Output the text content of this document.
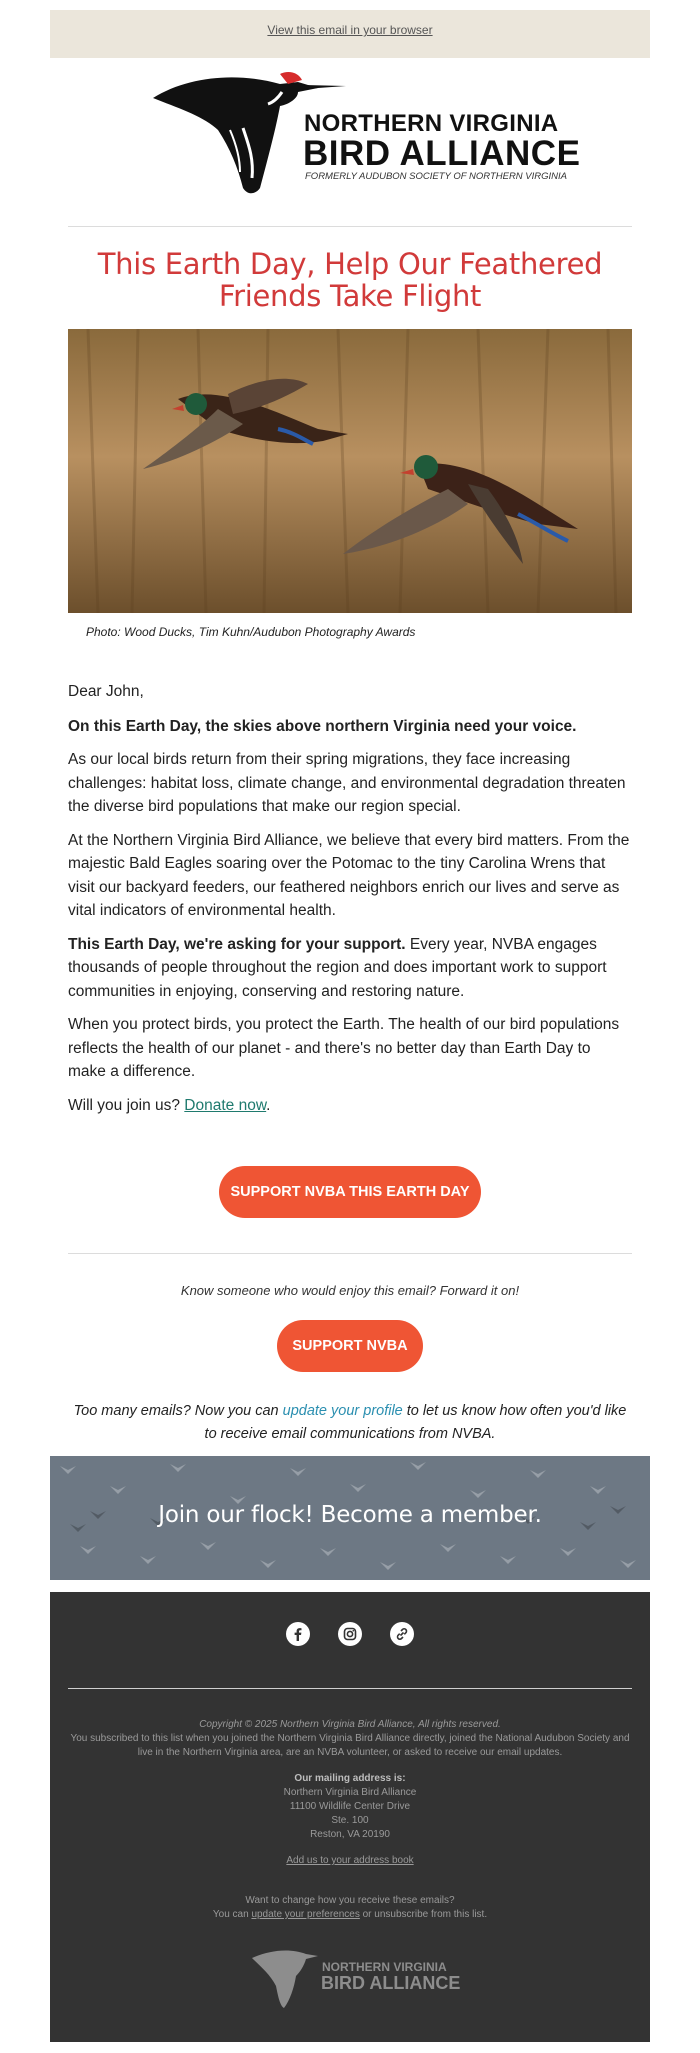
View this email in your browser
NORTHERN VIRGINIA
BIRD ALLIANCE
FORMERLY AUDUBON SOCIETY OF NORTHERN VIRGINIA
This Earth Day, Help Our Feathered
Friends Take Flight
Photo: Wood Ducks, Tim Kuhn/Audubon Photography Awards

Dear John,

On this Earth Day, the skies above northern Virginia need your voice.

As our local birds return from their spring migrations, they face increasing challenges: habitat loss, climate change, and environmental degradation threaten the diverse bird populations that make our region special.

At the Northern Virginia Bird Alliance, we believe that every bird matters. From the majestic Bald Eagles soaring over the Potomac to the tiny Carolina Wrens that visit our backyard feeders, our feathered neighbors enrich our lives and serve as vital indicators of environmental health.

This Earth Day, we're asking for your support. Every year, NVBA engages thousands of people throughout the region and does important work to support communities in enjoying, conserving and restoring nature.

When you protect birds, you protect the Earth. The health of our bird populations reflects the health of our planet - and there's no better day than Earth Day to make a difference.

Will you join us? Donate now.

SUPPORT NVBA THIS EARTH DAY
Know someone who would enjoy this email? Forward it on!
SUPPORT NVBA
Too many emails? Now you can update your profile to let us know how often you'd like to receive email communications from NVBA.
Join our flock! Become a member.

Copyright © 2025 Northern Virginia Bird Alliance, All rights reserved.
You subscribed to this list when you joined the Northern Virginia Bird Alliance directly, joined the National Audubon Society and live in the Northern Virginia area, are an NVBA volunteer, or asked to receive our email updates.
Our mailing address is:
Northern Virginia Bird Alliance
11100 Wildlife Center Drive
Ste. 100
Reston, VA 20190
Add us to your address book
Want to change how you receive these emails?
You can update your preferences or unsubscribe from this list.
NORTHERN VIRGINIA
BIRD ALLIANCE
